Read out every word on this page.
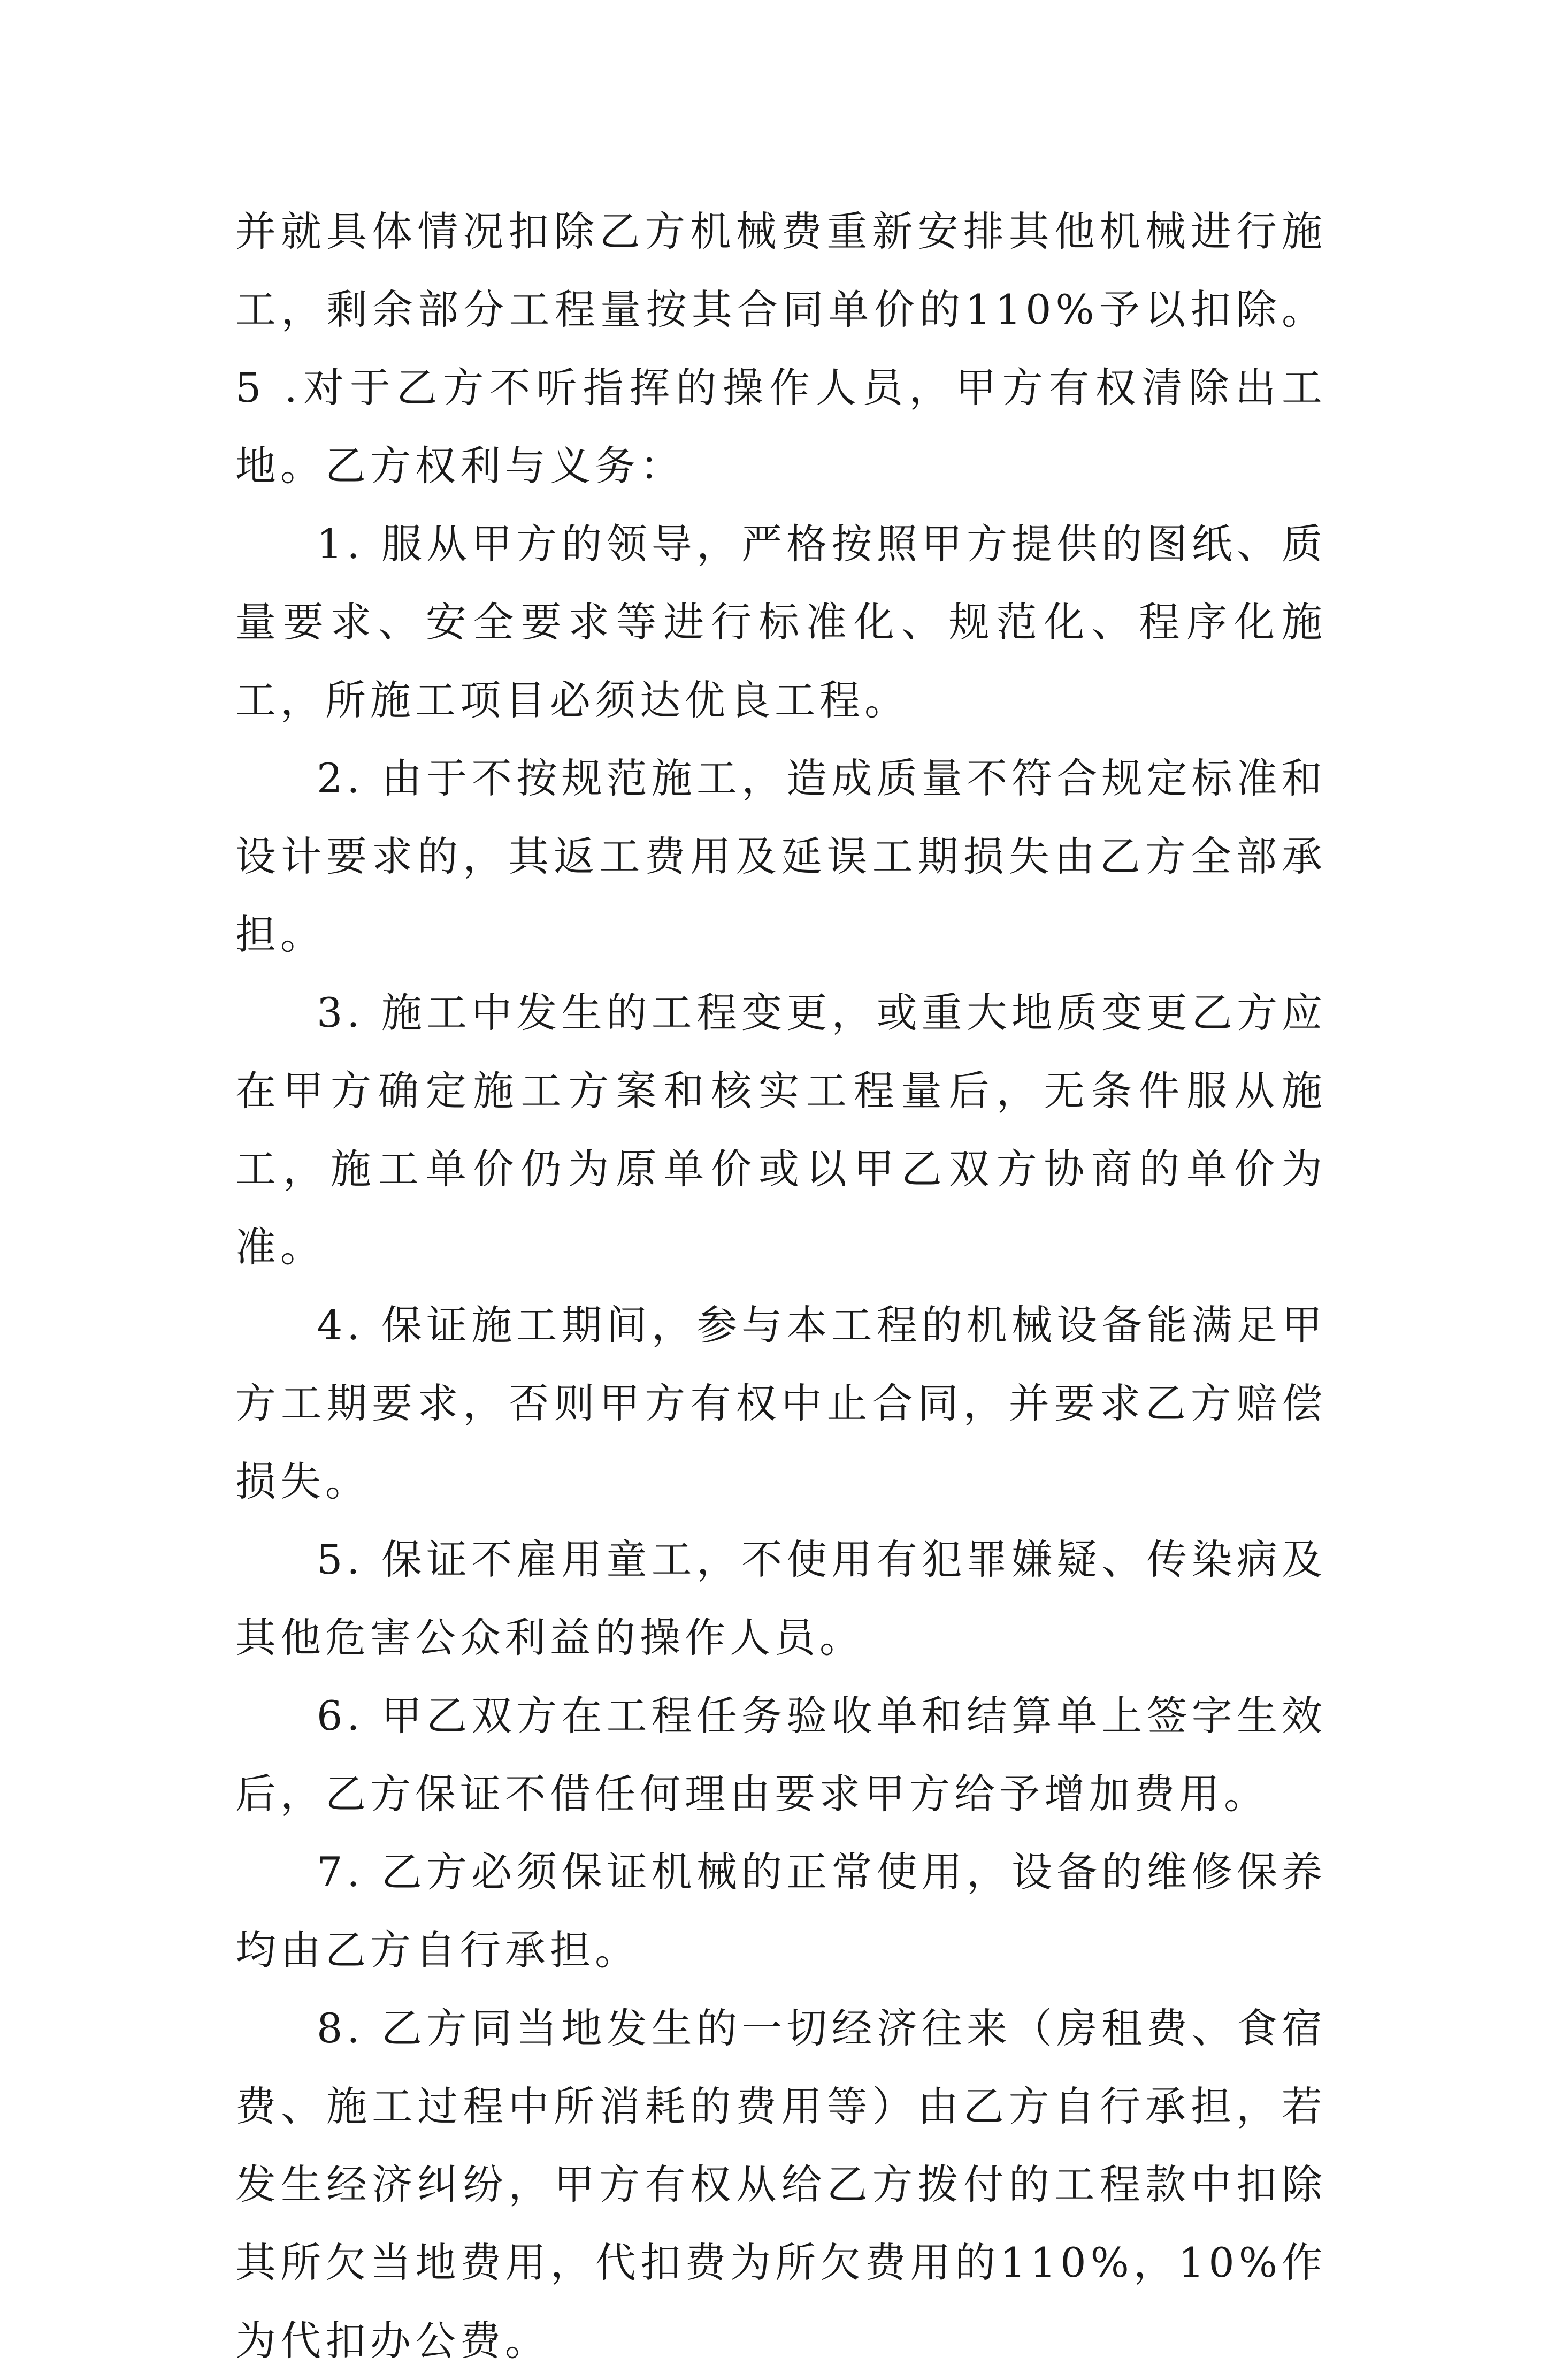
并就具体情况扣除乙方机械费重新安排其他机械进行施工，剩余部分工程量按其合同单价的110%予以扣除。5 .对于乙方不听指挥的操作人员，甲方有权清除出工地。乙方权利与义务：

1. 服从甲方的领导，严格按照甲方提供的图纸、质量要求、安全要求等进行标准化、规范化、程序化施工，所施工项目必须达优良工程。

2. 由于不按规范施工，造成质量不符合规定标准和设计要求的，其返工费用及延误工期损失由乙方全部承担。

3. 施工中发生的工程变更，或重大地质变更乙方应在甲方确定施工方案和核实工程量后，无条件服从施工，施工单价仍为原单价或以甲乙双方协商的单价为准。

4. 保证施工期间，参与本工程的机械设备能满足甲方工期要求，否则甲方有权中止合同，并要求乙方赔偿损失。

5. 保证不雇用童工，不使用有犯罪嫌疑、传染病及其他危害公众利益的操作人员。

6. 甲乙双方在工程任务验收单和结算单上签字生效后，乙方保证不借任何理由要求甲方给予增加费用。

7. 乙方必须保证机械的正常使用，设备的维修保养均由乙方自行承担。

8. 乙方同当地发生的一切经济往来（房租费、食宿费、施工过程中所消耗的费用等）由乙方自行承担，若发生经济纠纷，甲方有权从给乙方拨付的工程款中扣除其所欠当地费用，代扣费为所欠费用的110%，10%作为代扣办公费。
